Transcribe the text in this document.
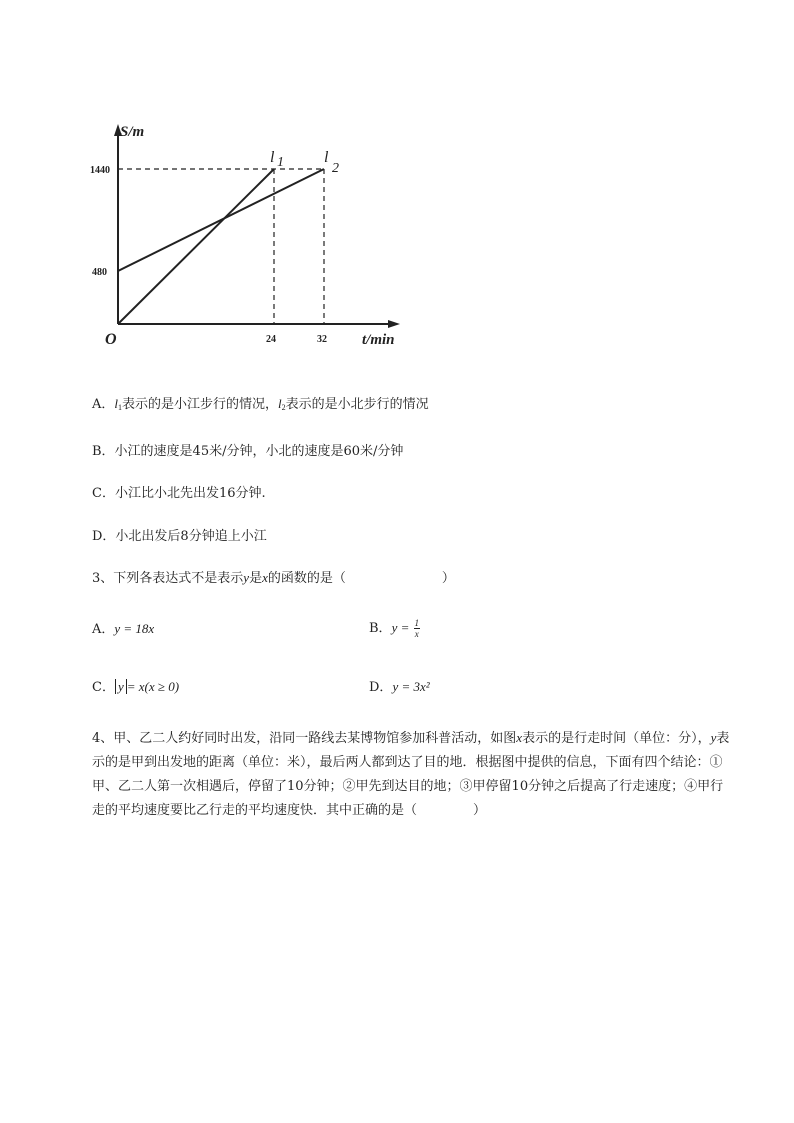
S/m
t/min
O
1440
480
24	32
l 1	l
2
A．$l_1$表示的是小江步行的情况，$l_2$表示的是小北步行的情况
B．小江的速度是45米/分钟，小北的速度是60米/分钟
C．小江比小北先出发16分钟.
D．小北出发后8分钟追上小江
3、下列各表达式不是表示y是x的函数的是（	）
A．y = 18x	B．$y = \frac{1}{x}$
C． y = x(x ≥ 0)	D．y = 3x²
4、甲、乙二人约好同时出发，沿同一路线去某博物馆参加科普活动，如图x表示的是行走时间（单位：分），y表示的是甲到出发地的距离（单位：米），最后两人都到达了目的地．根据图中提供的信息，下面有四个结论：①甲、乙二人第一次相遇后，停留了10分钟；②甲先到达目的地；③甲停留10分钟之后提高了行走速度；④甲行走的平均速度要比乙行走的平均速度快．其中正确的是（	）
